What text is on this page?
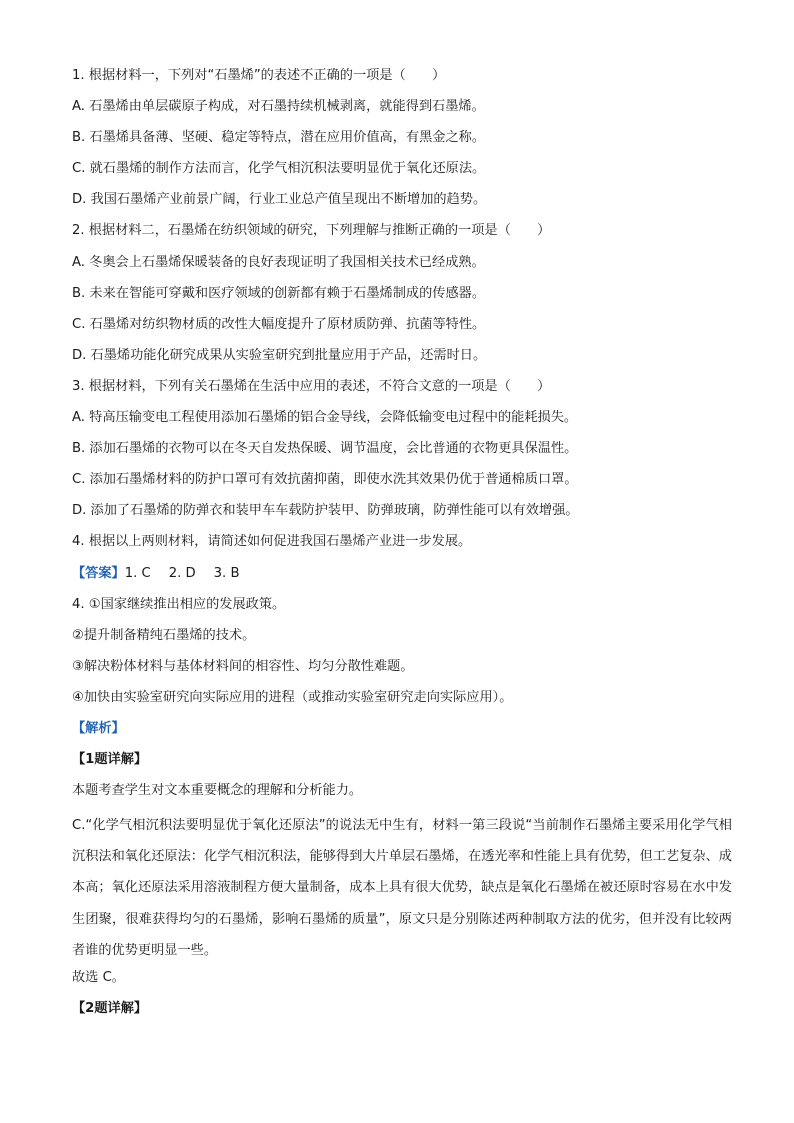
1. 根据材料一，下列对“石墨烯”的表述不正确的一项是（　　）
A. 石墨烯由单层碳原子构成，对石墨持续机械剥离，就能得到石墨烯。
B. 石墨烯具备薄、坚硬、稳定等特点，潜在应用价值高，有黑金之称。
C. 就石墨烯的制作方法而言，化学气相沉积法要明显优于氧化还原法。
D. 我国石墨烯产业前景广阔，行业工业总产值呈现出不断增加的趋势。
2. 根据材料二，石墨烯在纺织领域的研究，下列理解与推断正确的一项是（　　）
A. 冬奥会上石墨烯保暖装备的良好表现证明了我国相关技术已经成熟。
B. 未来在智能可穿戴和医疗领域的创新都有赖于石墨烯制成的传感器。
C. 石墨烯对纺织物材质的改性大幅度提升了原材质防弹、抗菌等特性。
D. 石墨烯功能化研究成果从实验室研究到批量应用于产品，还需时日。
3. 根据材料，下列有关石墨烯在生活中应用的表述，不符合文意的一项是（　　）
A. 特高压输变电工程使用添加石墨烯的铝合金导线，会降低输变电过程中的能耗损失。
B. 添加石墨烯的衣物可以在冬天自发热保暖、调节温度，会比普通的衣物更具保温性。
C. 添加石墨烯材料的防护口罩可有效抗菌抑菌，即使水洗其效果仍优于普通棉质口罩。
D. 添加了石墨烯的防弹衣和装甲车车载防护装甲、防弹玻璃，防弹性能可以有效增强。
4. 根据以上两则材料，请简述如何促进我国石墨烯产业进一步发展。
【答案】1. C 2. D 3. B
4. ①国家继续推出相应的发展政策。
②提升制备精纯石墨烯的技术。
③解决粉体材料与基体材料间的相容性、均匀分散性难题。
④加快由实验室研究向实际应用的进程（或推动实验室研究走向实际应用）。
【解析】
【1题详解】
本题考查学生对文本重要概念的理解和分析能力。
C.“化学气相沉积法要明显优于氧化还原法”的说法无中生有，材料一第三段说“当前制作石墨烯主要采用化学气相沉积法和氧化还原法：化学气相沉积法，能够得到大片单层石墨烯，在透光率和性能上具有优势，但工艺复杂、成本高；氧化还原法采用溶液制程方便大量制备，成本上具有很大优势，缺点是氧化石墨烯在被还原时容易在水中发生团聚，很难获得均匀的石墨烯，影响石墨烯的质量”，原文只是分别陈述两种制取方法的优劣，但并没有比较两者谁的优势更明显一些。
故选 C。
【2题详解】
